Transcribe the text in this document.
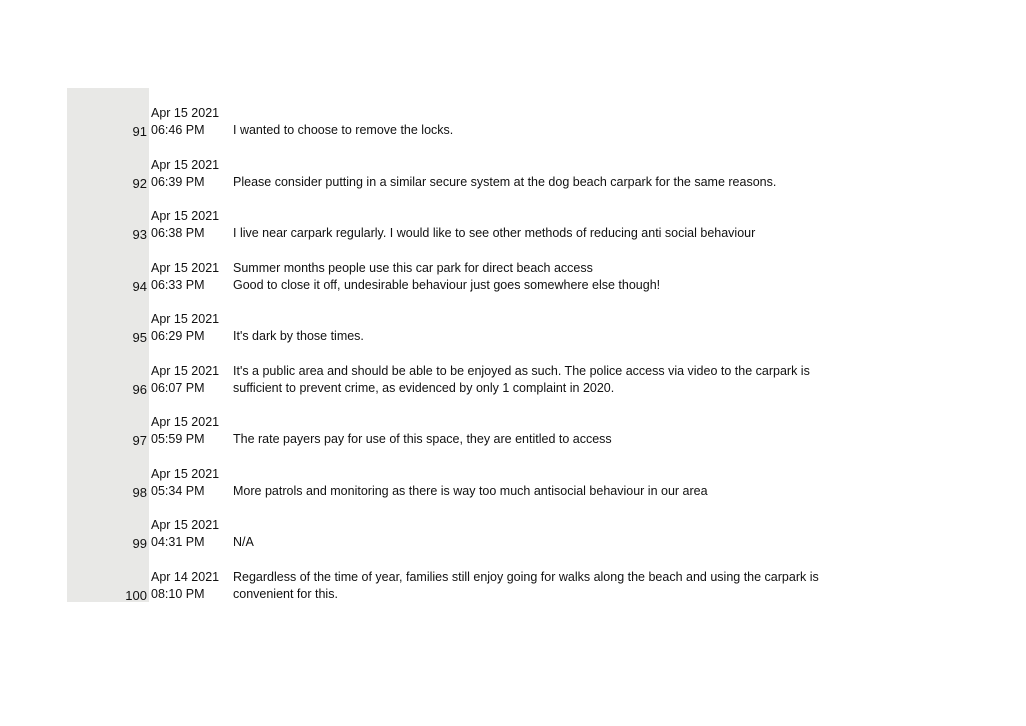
91
Apr 15 2021
06:46 PM	I wanted to choose to remove the locks.
92
Apr 15 2021
06:39 PM	Please consider putting in a similar secure system at the dog beach carpark for the same reasons.
93
Apr 15 2021
06:38 PM	I live near carpark regularly. I would like to see other methods of reducing anti social behaviour
94
Apr 15 2021
06:33 PM
Summer months people use this car park for direct beach access
Good to close it off, undesirable behaviour just goes somewhere else though!
95
Apr 15 2021
06:29 PM	It's dark by those times.
96
Apr 15 2021
06:07 PM
It's a public area and should be able to be enjoyed as such. The police access via video to the carpark is
sufficient to prevent crime, as evidenced by only 1 complaint in 2020.
97
Apr 15 2021
05:59 PM	The rate payers pay for use of this space, they are entitled to access
98
Apr 15 2021
05:34 PM	More patrols and monitoring as there is way too much antisocial behaviour in our area
99
Apr 15 2021
04:31 PM	N/A
100
Apr 14 2021
08:10 PM
Regardless of the time of year, families still enjoy going for walks along the beach and using the carpark is
convenient for this.
